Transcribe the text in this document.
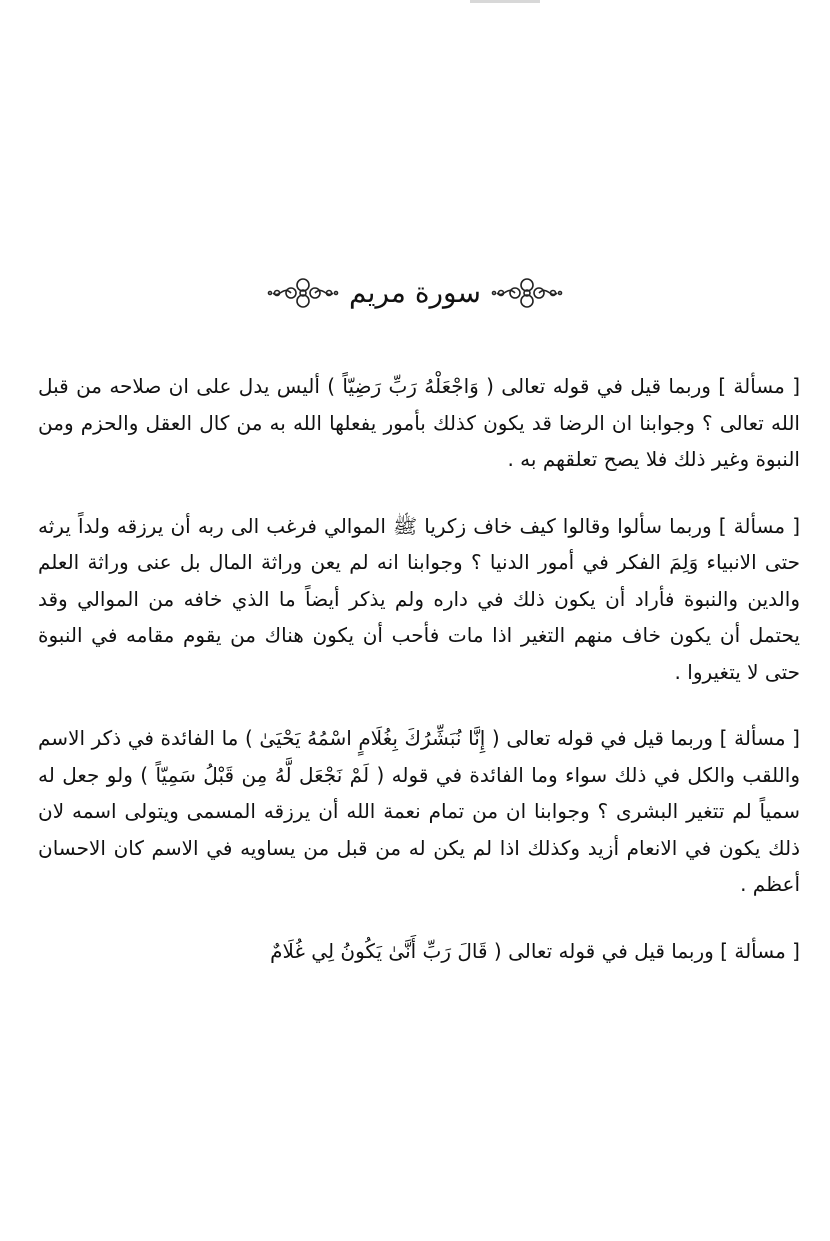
سورة مريم

[ مسألة ] وربما قيل في قوله تعالى ( وَاجْعَلْهُ رَبِّ رَضِيّاً ) أليس يدل على ان صلاحه من قبل الله تعالى ؟ وجوابنا ان الرضا قد يكون كذلك بأمور يفعلها الله به من كال العقل والحزم ومن النبوة وغير ذلك فلا يصح تعلقهم به .

[ مسألة ] وربما سألوا وقالوا كيف خاف زكريا ﷺ الموالي فرغب الى ربه أن يرزقه ولداً يرثه حتى الانبياء وَلِمَ الفكر في أمور الدنيا ؟ وجوابنا انه لم يعن وراثة المال بل عنى وراثة العلم والدين والنبوة فأراد أن يكون ذلك في داره ولم يذكر أيضاً ما الذي خافه من الموالي وقد يحتمل أن يكون خاف منهم التغير اذا مات فأحب أن يكون هناك من يقوم مقامه في النبوة حتى لا يتغيروا .

[ مسألة ] وربما قيل في قوله تعالى ( إِنَّا نُبَشِّرُكَ بِغُلَامٍ اسْمُهُ يَحْيَىٰ ) ما الفائدة في ذكر الاسم واللقب والكل في ذلك سواء وما الفائدة في قوله ( لَمْ نَجْعَل لَّهُ مِن قَبْلُ سَمِيّاً ) ولو جعل له سمياً لم تتغير البشرى ؟ وجوابنا ان من تمام نعمة الله أن يرزقه المسمى ويتولى اسمه لان ذلك يكون في الانعام أزيد وكذلك اذا لم يكن له من قبل من يساويه في الاسم كان الاحسان أعظم .

[ مسألة ] وربما قيل في قوله تعالى ( قَالَ رَبِّ أَنَّىٰ يَكُونُ لِي غُلَامٌ
